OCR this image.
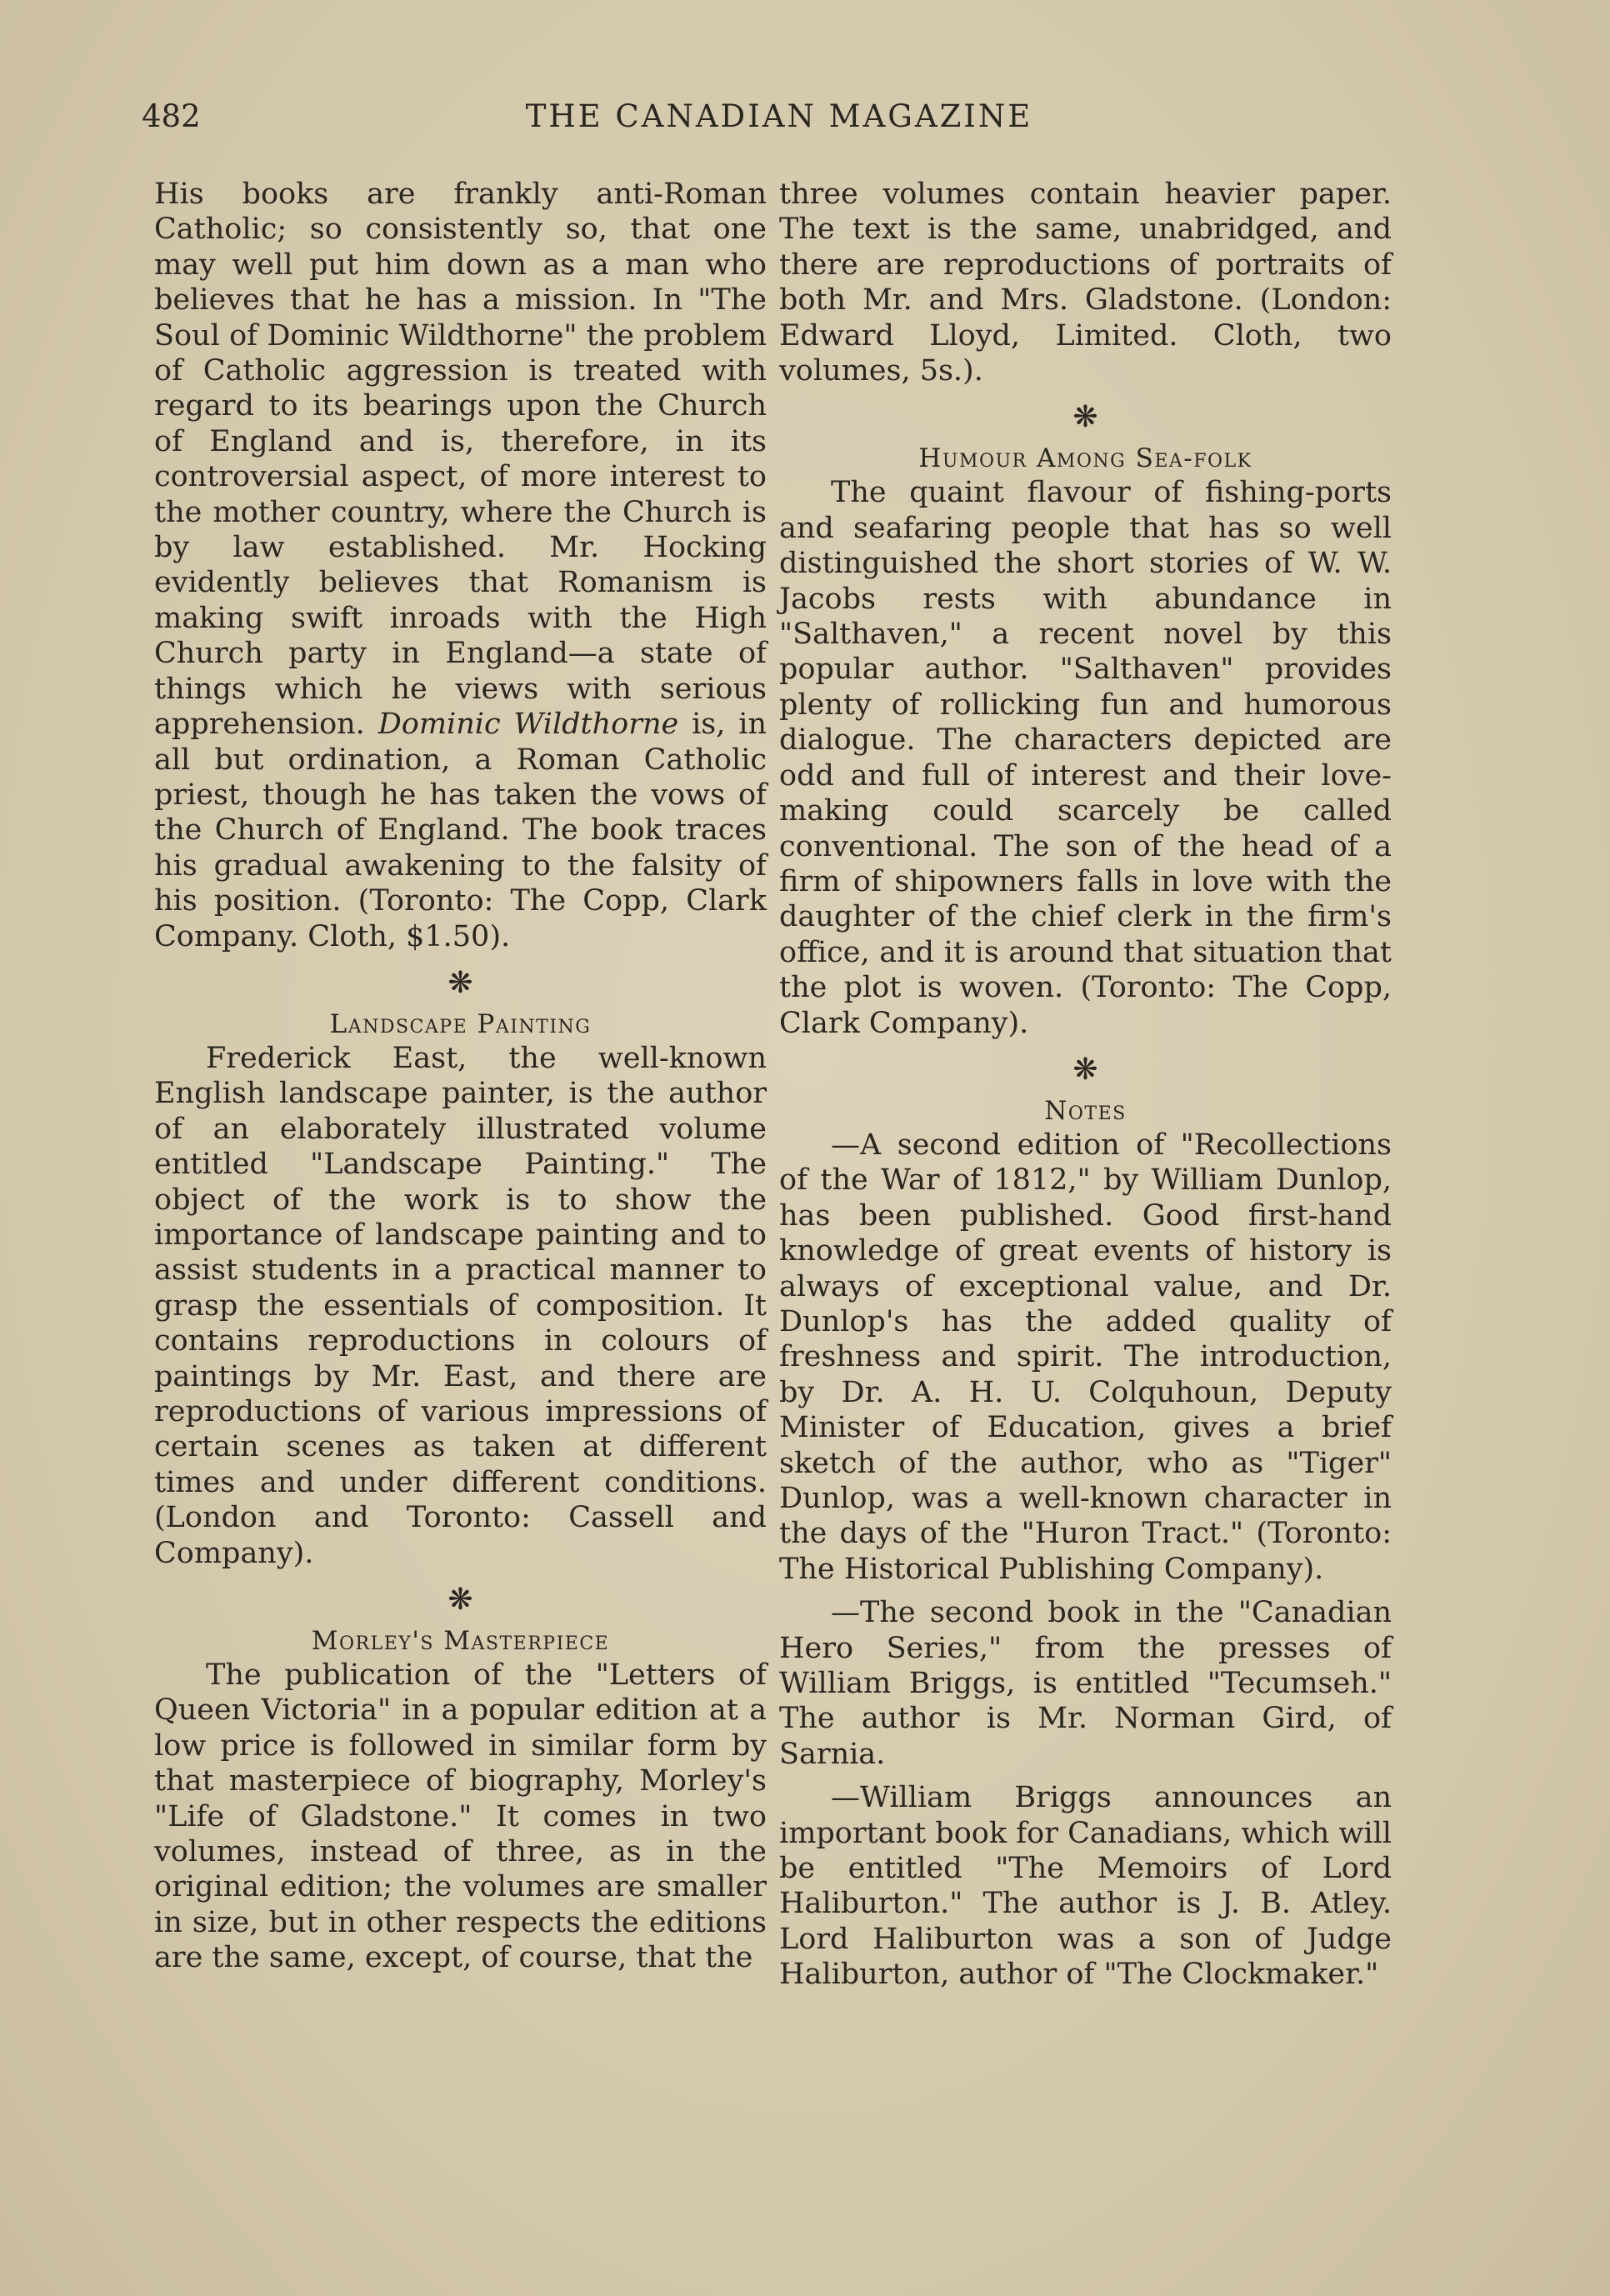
482	THE CANADIAN MAGAZINE

His books are frankly anti-Roman Catholic; so consistently so, that one may well put him down as a man who believes that he has a mission. In "The Soul of Dominic Wildthorne" the problem of Catholic aggression is treated with regard to its bearings upon the Church of England and is, therefore, in its controversial aspect, of more interest to the mother country, where the Church is by law established. Mr. Hocking evidently believes that Romanism is making swift inroads with the High Church party in England—a state of things which he views with serious apprehension. Dominic Wildthorne is, in all but ordination, a Roman Catholic priest, though he has taken the vows of the Church of England. The book traces his gradual awakening to the falsity of his position. (Toronto: The Copp, Clark Company. Cloth, $1.50).

❋
Landscape Painting

Frederick East, the well-known English landscape painter, is the author of an elaborately illustrated volume entitled "Landscape Painting." The object of the work is to show the importance of landscape painting and to assist students in a practical manner to grasp the essentials of composition. It contains reproductions in colours of paintings by Mr. East, and there are reproductions of various impressions of certain scenes as taken at different times and under different conditions. (London and Toronto: Cassell and Company).

❋
Morley's Masterpiece

The publication of the "Letters of Queen Victoria" in a popular edition at a low price is followed in similar form by that masterpiece of biography, Morley's "Life of Gladstone." It comes in two volumes, instead of three, as in the original edition; the volumes are smaller in size, but in other respects the editions are the same, except, of course, that the

three volumes contain heavier paper. The text is the same, unabridged, and there are reproductions of portraits of both Mr. and Mrs. Gladstone. (London: Edward Lloyd, Limited. Cloth, two volumes, 5s.).

❋
Humour Among Sea-folk

The quaint flavour of fishing-ports and seafaring people that has so well distinguished the short stories of W. W. Jacobs rests with abundance in "Salthaven," a recent novel by this popular author. "Salthaven" provides plenty of rollicking fun and humorous dialogue. The characters depicted are odd and full of interest and their love-making could scarcely be called conventional. The son of the head of a firm of shipowners falls in love with the daughter of the chief clerk in the firm's office, and it is around that situation that the plot is woven. (Toronto: The Copp, Clark Company).

❋
Notes

—A second edition of "Recollections of the War of 1812," by William Dunlop, has been published. Good first-hand knowledge of great events of history is always of exceptional value, and Dr. Dunlop's has the added quality of freshness and spirit. The introduction, by Dr. A. H. U. Colquhoun, Deputy Minister of Education, gives a brief sketch of the author, who as "Tiger" Dunlop, was a well-known character in the days of the "Huron Tract." (Toronto: The Historical Publishing Company).

—The second book in the "Canadian Hero Series," from the presses of William Briggs, is entitled "Tecumseh." The author is Mr. Norman Gird, of Sarnia.

—William Briggs announces an important book for Canadians, which will be entitled "The Memoirs of Lord Haliburton." The author is J. B. Atley. Lord Haliburton was a son of Judge Haliburton, author of "The Clockmaker."
